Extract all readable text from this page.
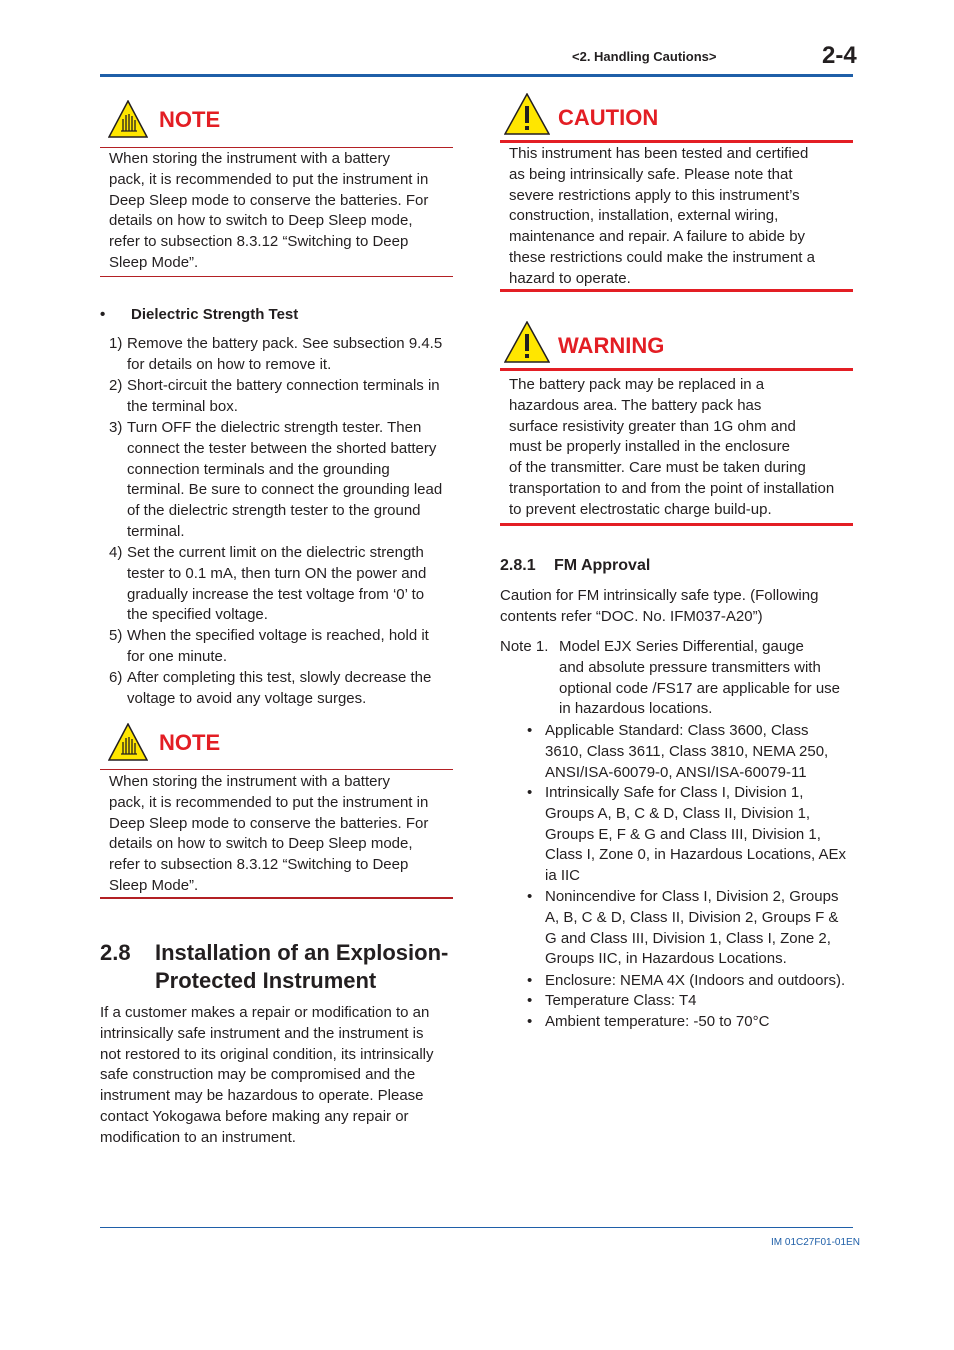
<2. Handling Cautions>	2-4
NOTE
When storing the instrument with a battery
pack, it is recommended to put the instrument in
Deep Sleep mode to conserve the batteries. For
details on how to switch to Deep Sleep mode,
refer to subsection 8.3.12 “Switching to Deep
Sleep Mode”.
• Dielectric Strength Test
1) Remove the battery pack. See subsection 9.4.5
for details on how to remove it.
2) Short-circuit the battery connection terminals in
the terminal box.
3) Turn OFF the dielectric strength tester. Then
connect the tester between the shorted battery
connection terminals and the grounding
terminal. Be sure to connect the grounding lead
of the dielectric strength tester to the ground
terminal.
4) Set the current limit on the dielectric strength
tester to 0.1 mA, then turn ON the power and
gradually increase the test voltage from ‘0’ to
the specified voltage.
5) When the specified voltage is reached, hold it
for one minute.
6) After completing this test, slowly decrease the
voltage to avoid any voltage surges.
NOTE
When storing the instrument with a battery
pack, it is recommended to put the instrument in
Deep Sleep mode to conserve the batteries. For
details on how to switch to Deep Sleep mode,
refer to subsection 8.3.12 “Switching to Deep
Sleep Mode”.
2.8 Installation of an Explosion-
Protected Instrument
If a customer makes a repair or modification to an
intrinsically safe instrument and the instrument is
not restored to its original condition, its intrinsically
safe construction may be compromised and the
instrument may be hazardous to operate. Please
contact Yokogawa before making any repair or
modification to an instrument.
CAUTION
This instrument has been tested and certified
as being intrinsically safe. Please note that
severe restrictions apply to this instrument’s
construction, installation, external wiring,
maintenance and repair. A failure to abide by
these restrictions could make the instrument a
hazard to operate.
WARNING
The battery pack may be replaced in a
hazardous area. The battery pack has
surface resistivity greater than 1G ohm and
must be properly installed in the enclosure
of the transmitter. Care must be taken during
transportation to and from the point of installation
to prevent electrostatic charge build-up.
2.8.1 FM Approval
Caution for FM intrinsically safe type. (Following
contents refer “DOC. No. IFM037-A20”)
Note 1. Model EJX Series Differential, gauge
and absolute pressure transmitters with
optional code /FS17 are applicable for use
in hazardous locations.
• Applicable Standard: Class 3600, Class
3610, Class 3611, Class 3810, NEMA 250,
ANSI/ISA-60079-0, ANSI/ISA-60079-11
• Intrinsically Safe for Class I, Division 1,
Groups A, B, C & D, Class II, Division 1,
Groups E, F & G and Class III, Division 1,
Class I, Zone 0, in Hazardous Locations, AEx
ia IIC
• Nonincendive for Class I, Division 2, Groups
A, B, C & D, Class II, Division 2, Groups F &
G and Class III, Division 1, Class I, Zone 2,
Groups IIC, in Hazardous Locations.
• Enclosure: NEMA 4X (Indoors and outdoors).
• Temperature Class: T4
• Ambient temperature: -50 to 70°C
IM 01C27F01-01EN
